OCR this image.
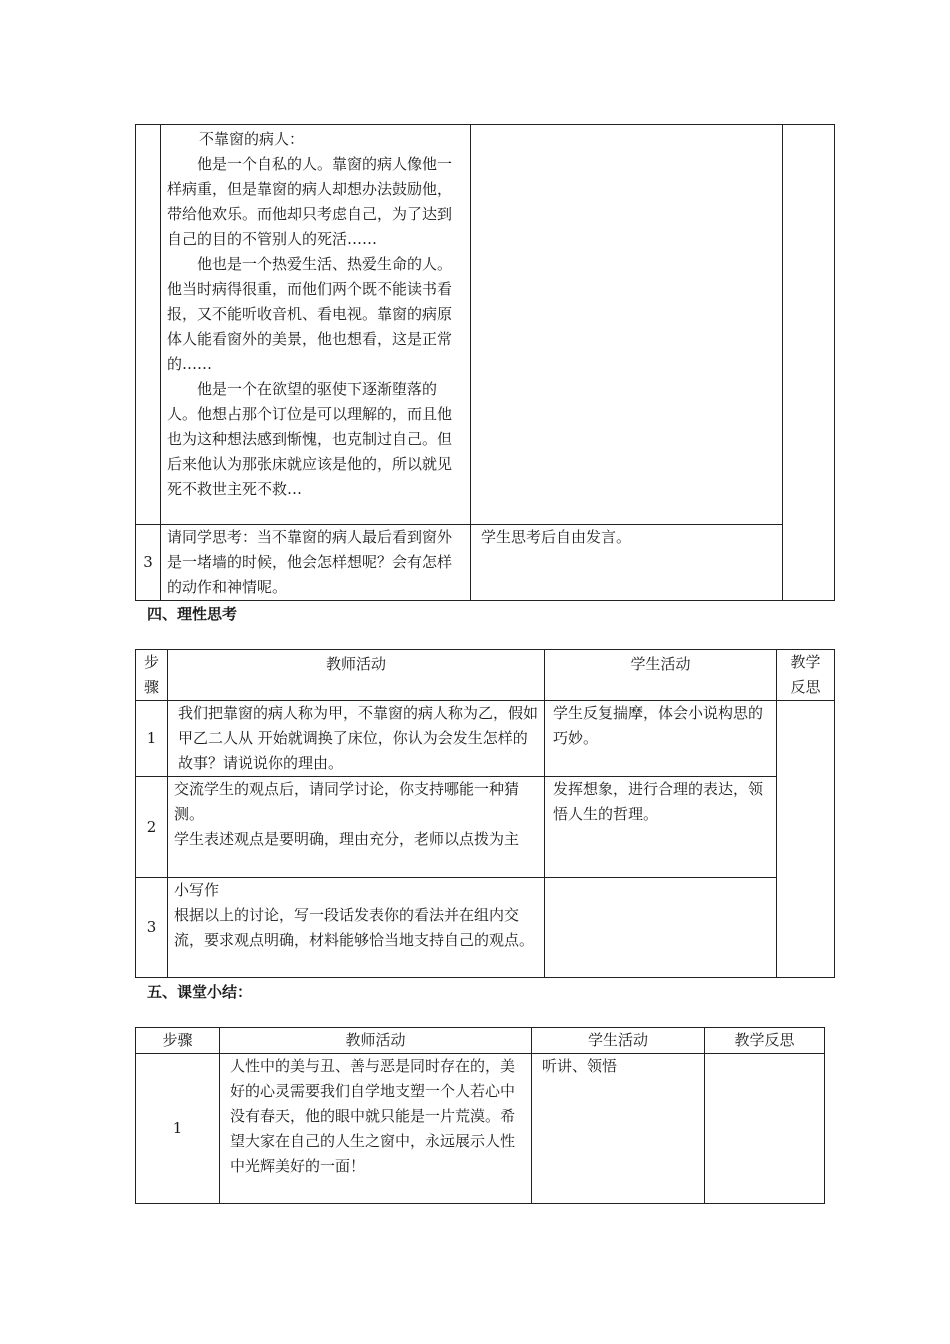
	不靠窗的病人：

他是一个自私的人。靠窗的病人像他一样病重，但是靠窗的病人却想办法鼓励他，带给他欢乐。而他却只考虑自己，为了达到自己的目的不管别人的死活……

他也是一个热爱生活、热爱生命的人。他当时病得很重，而他们两个既不能读书看报，又不能听收音机、看电视。靠窗的病原体人能看窗外的美景，他也想看，这是正常的……

他是一个在欲望的驱使下逐渐堕落的人。他想占那个订位是可以理解的，而且他也为这种想法感到惭愧，也克制过自己。但后来他认为那张床就应该是他的，所以就见死不救世主死不救…		

3	请同学思考：当不靠窗的病人最后看到窗外是一堵墙的时候，他会怎样想呢？会有怎样的动作和神情呢。	学生思考后自由发言。	
四、理性思考
步骤	教师活动	学生活动	教学反思
1	我们把靠窗的病人称为甲，不靠窗的病人称为乙，假如甲乙二人从 开始就调换了床位，你认为会发生怎样的故事？请说说你的理由。	学生反复揣摩，体会小说构思的巧妙。	
2	交流学生的观点后，请同学讨论，你支持哪能一种猜测。

学生表述观点是要明确，理由充分，老师以点拨为主	发挥想象，进行合理的表达，领悟人生的哲理。	
3	小写作

根据以上的讨论，写一段话发表你的看法并在组内交流，要求观点明确，材料能够恰当地支持自己的观点。		

五、课堂小结：
步骤	教师活动	学生活动	教学反思
1	人性中的美与丑、善与恶是同时存在的，美好的心灵需要我们自学地支塑一个人若心中没有春天，他的眼中就只能是一片荒漠。希望大家在自己的人生之窗中，永远展示人性中光辉美好的一面！	听讲、领悟	
